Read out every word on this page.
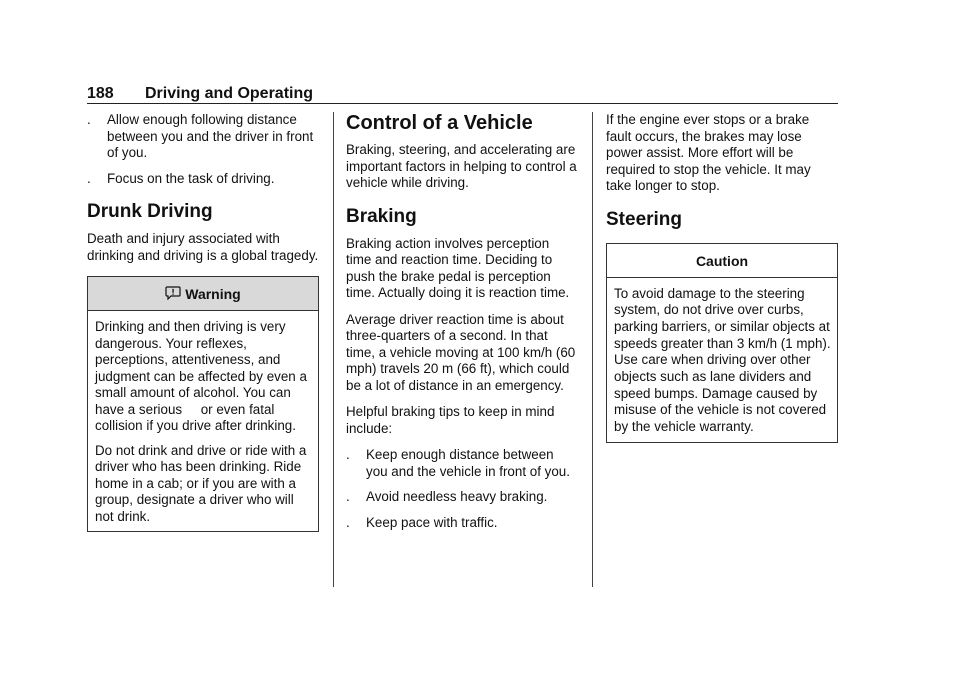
188 Driving and Operating
. Allow enough following distance between you and the driver in front of you.
. Focus on the task of driving.
Drunk Driving

Death and injury associated with drinking and driving is a global tragedy.

Warning

Drinking and then driving is very dangerous. Your reflexes, perceptions, attentiveness, and judgment can be affected by even a small amount of alcohol. You can have a serious     or even fatal     collision if you drive after drinking.

Do not drink and drive or ride with a driver who has been drinking. Ride home in a cab; or if you are with a group, designate a driver who will not drink.

Control of a Vehicle

Braking, steering, and accelerating are important factors in helping to control a vehicle while driving.

Braking

Braking action involves perception time and reaction time. Deciding to push the brake pedal is perception time. Actually doing it is reaction time.

Average driver reaction time is about three-quarters of a second. In that time, a vehicle moving at 100 km/h (60 mph) travels 20 m (66 ft), which could be a lot of distance in an emergency.

Helpful braking tips to keep in mind include:

. Keep enough distance between you and the vehicle in front of you.
. Avoid needless heavy braking.
. Keep pace with traffic.

If the engine ever stops or a brake fault occurs, the brakes may lose power assist. More effort will be required to stop the vehicle. It may take longer to stop.

Steering
Caution

To avoid damage to the steering system, do not drive over curbs, parking barriers, or similar objects at speeds greater than 3 km/h (1 mph). Use care when driving over other objects such as lane dividers and speed bumps. Damage caused by misuse of the vehicle is not covered by the vehicle warranty.
